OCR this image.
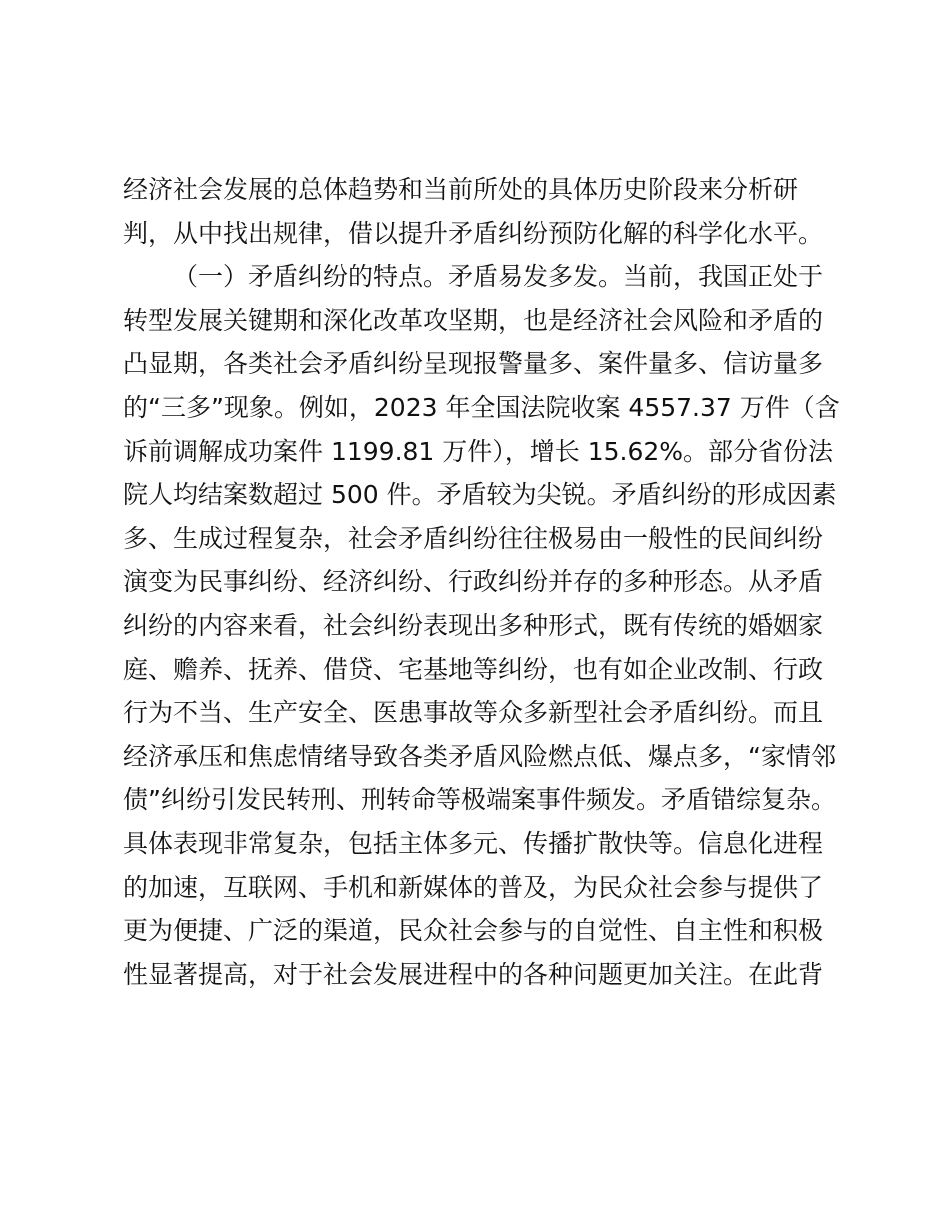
经济社会发展的总体趋势和当前所处的具体历史阶段来分析研
判，从中找出规律，借以提升矛盾纠纷预防化解的科学化水平。
（一）矛盾纠纷的特点。矛盾易发多发。当前，我国正处于
转型发展关键期和深化改革攻坚期，也是经济社会风险和矛盾的
凸显期，各类社会矛盾纠纷呈现报警量多、案件量多、信访量多
的“三多”现象。例如，2023 年全国法院收案 4557.37 万件（含
诉前调解成功案件 1199.81 万件），增长 15.62%。部分省份法
院人均结案数超过 500 件。矛盾较为尖锐。矛盾纠纷的形成因素
多、生成过程复杂，社会矛盾纠纷往往极易由一般性的民间纠纷
演变为民事纠纷、经济纠纷、行政纠纷并存的多种形态。从矛盾
纠纷的内容来看，社会纠纷表现出多种形式，既有传统的婚姻家
庭、赡养、抚养、借贷、宅基地等纠纷，也有如企业改制、行政
行为不当、生产安全、医患事故等众多新型社会矛盾纠纷。而且
经济承压和焦虑情绪导致各类矛盾风险燃点低、爆点多，“家情邻
债”纠纷引发民转刑、刑转命等极端案事件频发。矛盾错综复杂。
具体表现非常复杂，包括主体多元、传播扩散快等。信息化进程
的加速，互联网、手机和新媒体的普及，为民众社会参与提供了
更为便捷、广泛的渠道，民众社会参与的自觉性、自主性和积极
性显著提高，对于社会发展进程中的各种问题更加关注。在此背
